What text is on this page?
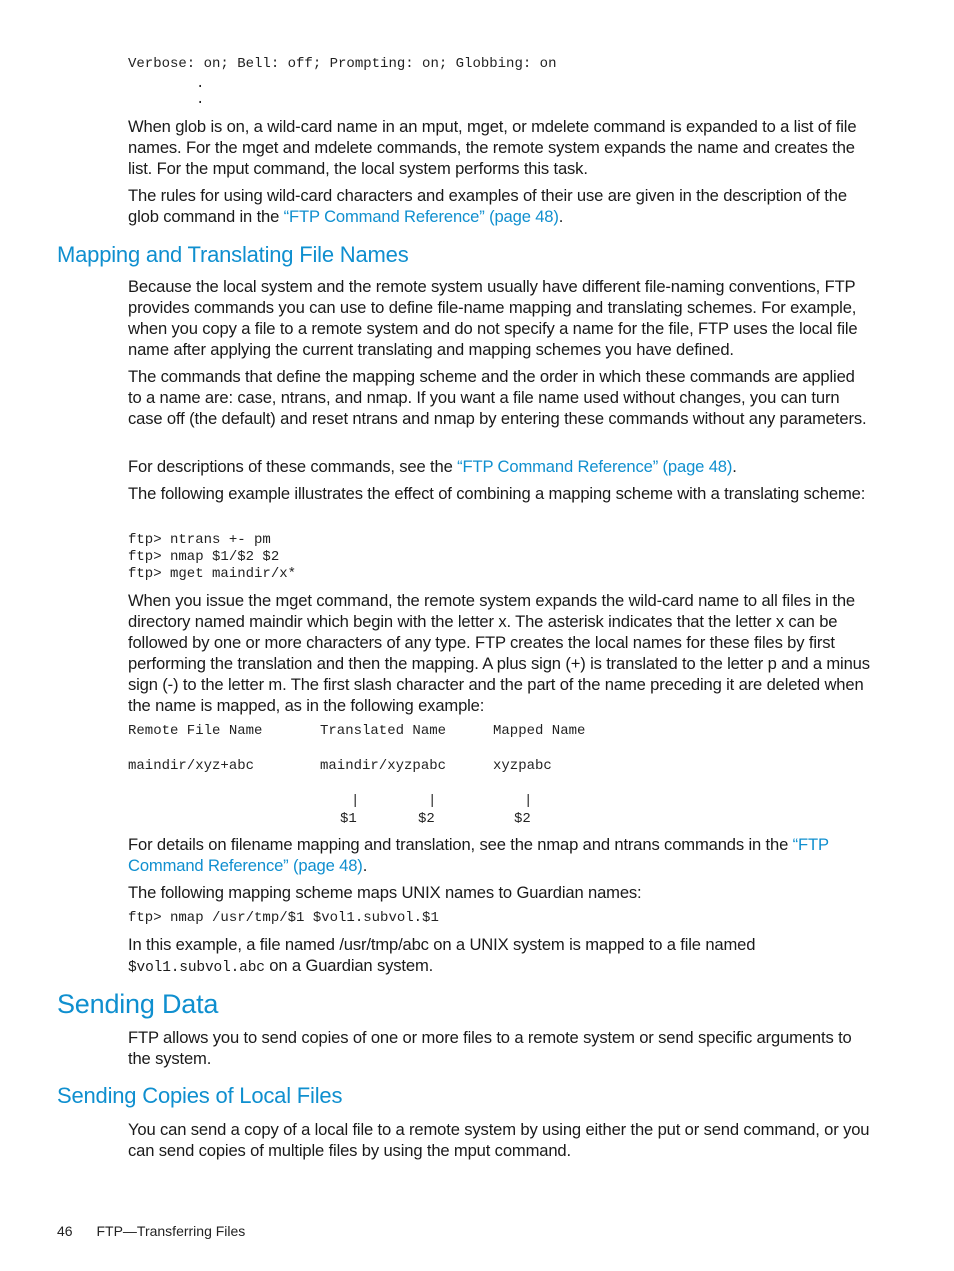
Verbose: on; Bell: off; Prompting: on; Globbing: on
.
.

When glob is on, a wild-card name in an mput, mget, or mdelete command is expanded to a list of file names. For the mget and mdelete commands, the remote system expands the name and creates the list. For the mput command, the local system performs this task.

The rules for using wild-card characters and examples of their use are given in the description of the glob command in the “FTP Command Reference” (page 48).

Mapping and Translating File Names

Because the local system and the remote system usually have different file-naming conventions, FTP provides commands you can use to define file-name mapping and translating schemes. For example, when you copy a file to a remote system and do not specify a name for the file, FTP uses the local file name after applying the current translating and mapping schemes you have defined.

The commands that define the mapping scheme and the order in which these commands are applied to a name are: case, ntrans, and nmap. If you want a file name used without changes, you can turn case off (the default) and reset ntrans and nmap by entering these commands without any parameters.

For descriptions of these commands, see the “FTP Command Reference” (page 48).

The following example illustrates the effect of combining a mapping scheme with a translating scheme:

ftp> ntrans +- pm
ftp> nmap $1/$2 $2
ftp> mget maindir/x*

When you issue the mget command, the remote system expands the wild-card name to all files in the directory named maindir which begin with the letter x. The asterisk indicates that the letter x can be followed by one or more characters of any type. FTP creates the local names for these files by first performing the translation and then the mapping. A plus sign (+) is translated to the letter p and a minus sign (-) to the letter m. The first slash character and the part of the name preceding it are deleted when the name is mapped, as in the following example:

Remote File Name	Translated Name	Mapped Name
maindir/xyz+abc	maindir/xyzpabc	xyzpabc
|	|	|
$1	$2	$2

For details on filename mapping and translation, see the nmap and ntrans commands in the “FTP Command Reference” (page 48).

The following mapping scheme maps UNIX names to Guardian names:

ftp> nmap /usr/tmp/$1 $vol1.subvol.$1

In this example, a file named /usr/tmp/abc on a UNIX system is mapped to a file named
$vol1.subvol.abc on a Guardian system.

Sending Data

FTP allows you to send copies of one or more files to a remote system or send specific arguments to the system.

Sending Copies of Local Files

You can send a copy of a local file to a remote system by using either the put or send command, or you can send copies of multiple files by using the mput command.

46 FTP—Transferring Files
